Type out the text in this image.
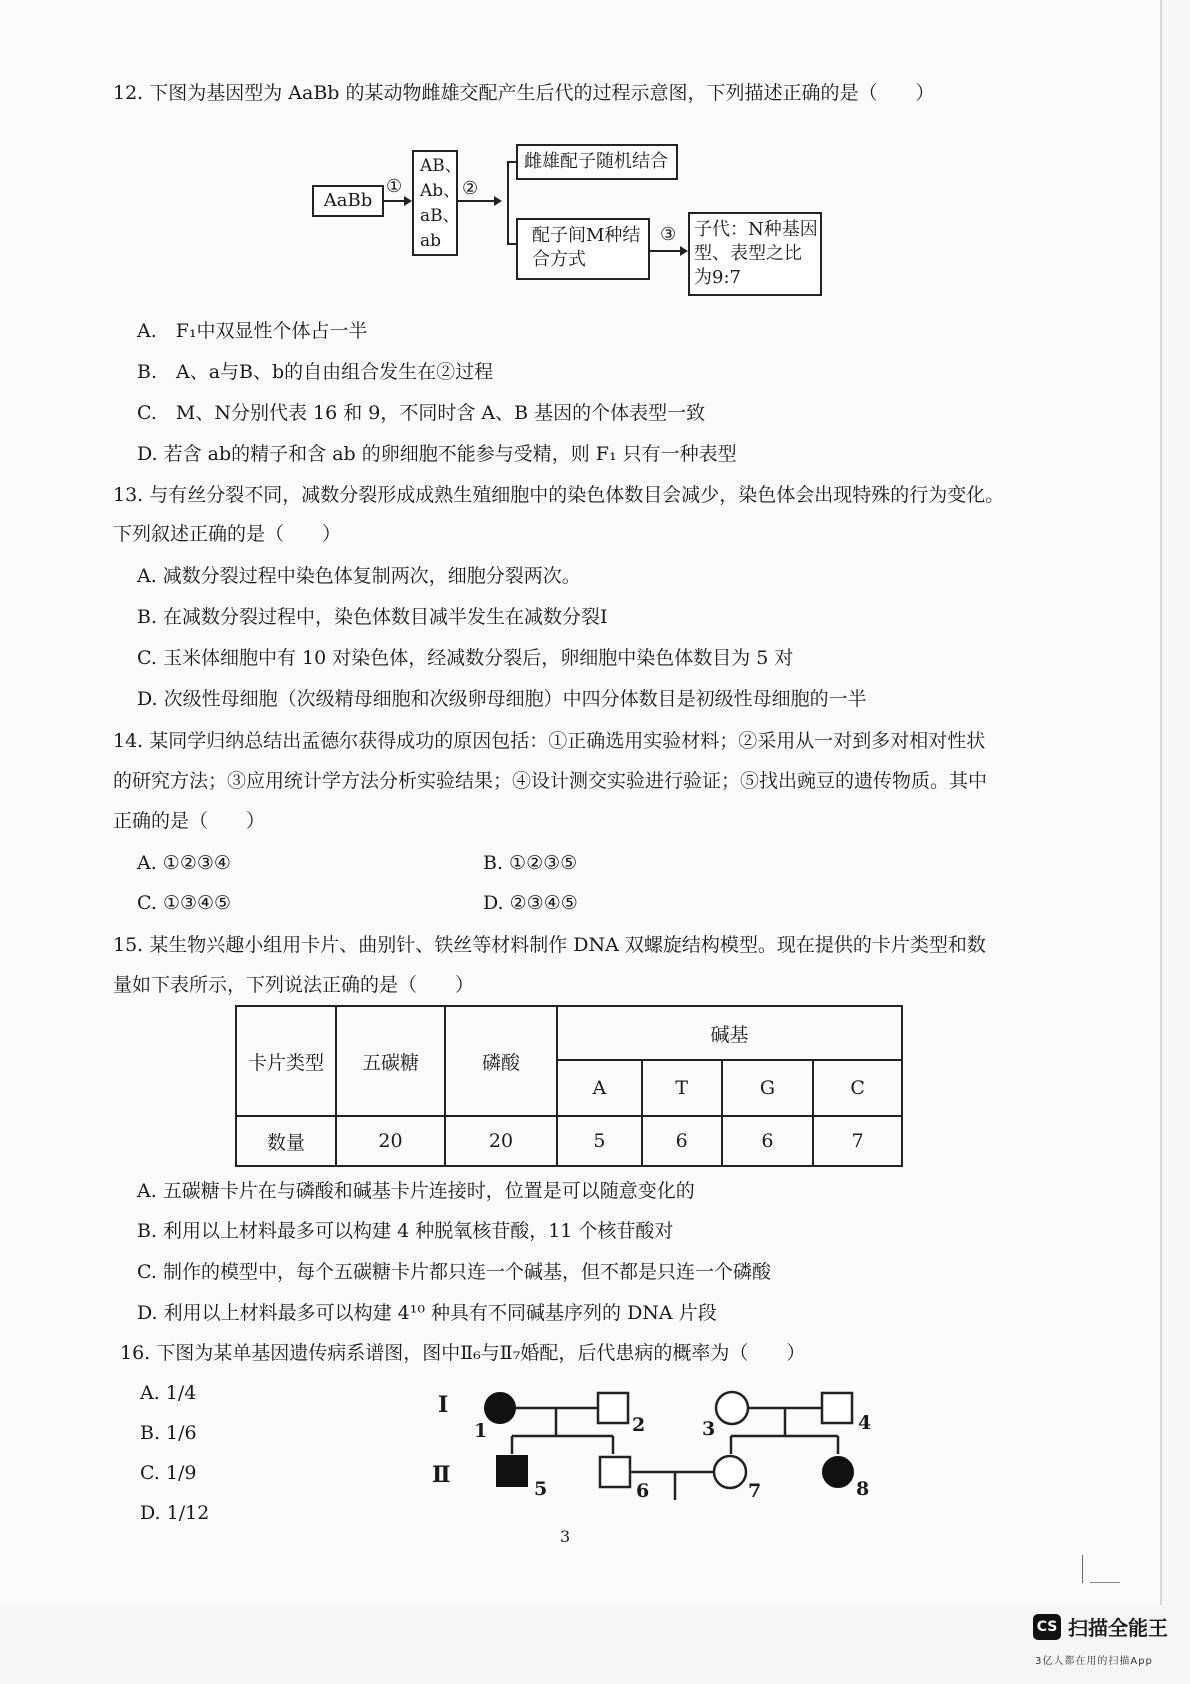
12. 下图为基因型为 AaBb 的某动物雌雄交配产生后代的过程示意图，下列描述正确的是（　　）
AaBb
①
AB、
Ab、
aB、
ab
②
雌雄配子随机结合
配子间M种结
合方式
③ 子代：N种基因
型、表型之比
为9:7
A.　F₁中双显性个体占一半
B.　A、a与B、b的自由组合发生在②过程
C.　M、N分别代表 16 和 9，不同时含 A、B 基因的个体表型一致
D. 若含 ab的精子和含 ab 的卵细胞不能参与受精，则 F₁ 只有一种表型
13. 与有丝分裂不同，减数分裂形成成熟生殖细胞中的染色体数目会减少，染色体会出现特殊的行为变化。
下列叙述正确的是（　　）
A. 减数分裂过程中染色体复制两次，细胞分裂两次。
B. 在减数分裂过程中，染色体数目减半发生在减数分裂I
C. 玉米体细胞中有 10 对染色体，经减数分裂后，卵细胞中染色体数目为 5 对
D. 次级性母细胞（次级精母细胞和次级卵母细胞）中四分体数目是初级性母细胞的一半
14. 某同学归纳总结出孟德尔获得成功的原因包括：①正确选用实验材料；②采用从一对到多对相对性状
的研究方法；③应用统计学方法分析实验结果；④设计测交实验进行验证；⑤找出豌豆的遗传物质。其中
正确的是（　　）
A. ①②③④	B. ①②③⑤
C. ①③④⑤	D. ②③④⑤
15. 某生物兴趣小组用卡片、曲别针、铁丝等材料制作 DNA 双螺旋结构模型。现在提供的卡片类型和数
量如下表所示，下列说法正确的是（　　）
卡片类型	五碳糖	磷酸	碱基			
			A	T	G	C
数量	20	20	5	6	6	7
A. 五碳糖卡片在与磷酸和碱基卡片连接时，位置是可以随意变化的
B. 利用以上材料最多可以构建 4 种脱氧核苷酸，11 个核苷酸对
C. 制作的模型中，每个五碳糖卡片都只连一个碱基，但不都是只连一个磷酸
D. 利用以上材料最多可以构建 4¹⁰ 种具有不同碱基序列的 DNA 片段
16. 下图为某单基因遗传病系谱图，图中Ⅱ₆与Ⅱ₇婚配，后代患病的概率为（　　）
A. 1/4
B. 1/6
C. 1/9
D. 1/12
I
Ⅱ
1	2	3	4
5	6	7	8
3
CS 扫描全能王
3亿人都在用的扫描App
